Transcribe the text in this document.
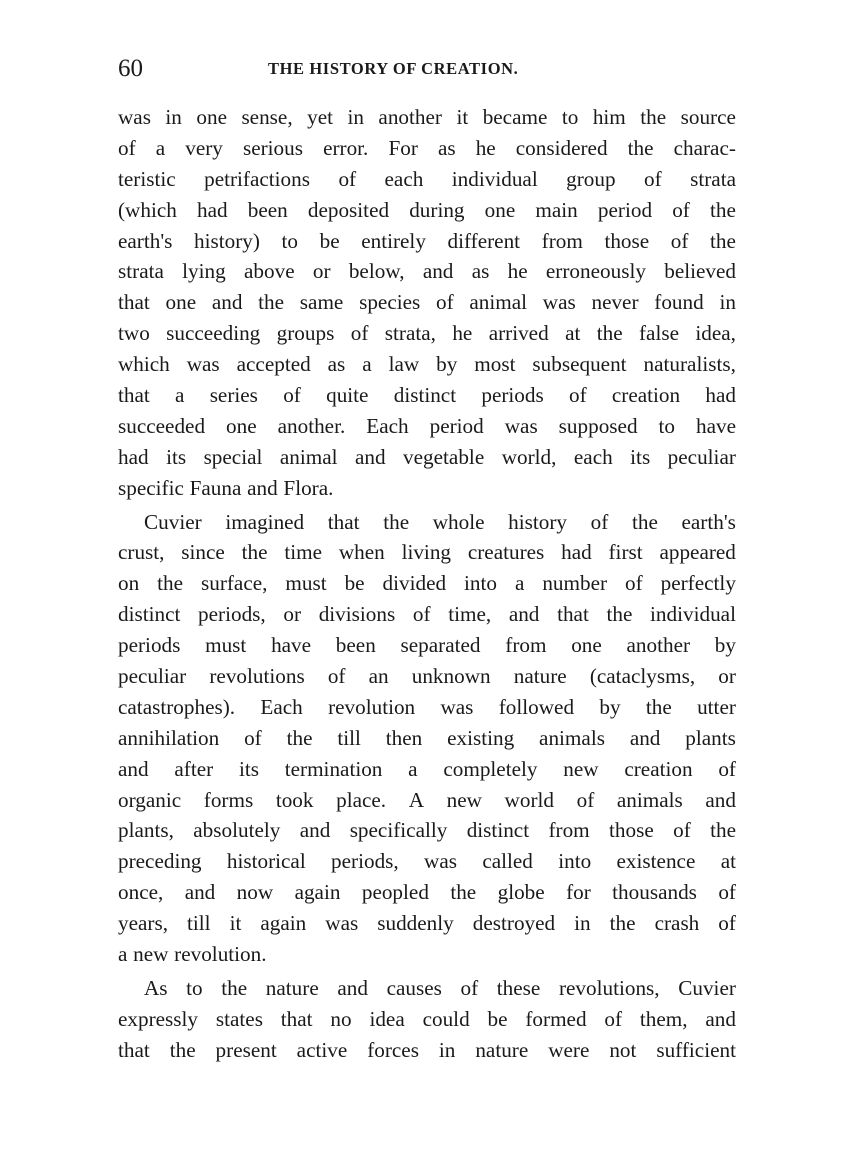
60	THE HISTORY OF CREATION.
was in one sense, yet in another it became to him the source
of a very serious error. For as he considered the charac-
teristic petrifactions of each individual group of strata
(which had been deposited during one main period of the
earth's history) to be entirely different from those of the
strata lying above or below, and as he erroneously believed
that one and the same species of animal was never found in
two succeeding groups of strata, he arrived at the false idea,
which was accepted as a law by most subsequent naturalists,
that a series of quite distinct periods of creation had
succeeded one another. Each period was supposed to have
had its special animal and vegetable world, each its peculiar
specific Fauna and Flora.
Cuvier imagined that the whole history of the earth's
crust, since the time when living creatures had first appeared
on the surface, must be divided into a number of perfectly
distinct periods, or divisions of time, and that the individual
periods must have been separated from one another by
peculiar revolutions of an unknown nature (cataclysms, or
catastrophes). Each revolution was followed by the utter
annihilation of the till then existing animals and plants
and after its termination a completely new creation of
organic forms took place. A new world of animals and
plants, absolutely and specifically distinct from those of the
preceding historical periods, was called into existence at
once, and now again peopled the globe for thousands of
years, till it again was suddenly destroyed in the crash of
a new revolution.
As to the nature and causes of these revolutions, Cuvier
expressly states that no idea could be formed of them, and
that the present active forces in nature were not sufficient
